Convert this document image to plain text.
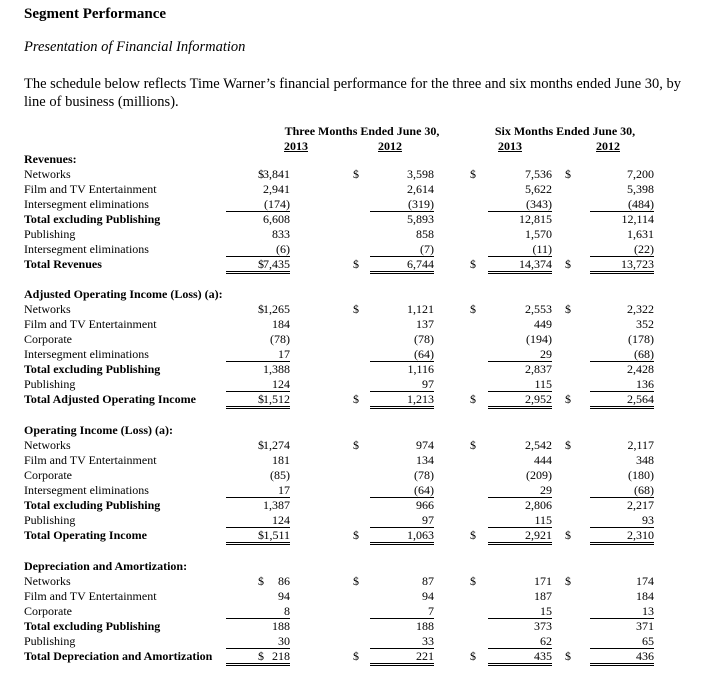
Segment Performance
Presentation of Financial Information
The schedule below reflects Time Warner’s financial performance for the three and six months ended June 30, by line of business (millions).
Three Months Ended June 30,	Six Months Ended June 30,
2013	2012	2013	2012
Revenues:
Networks	$ 3,841	$	3,598	$	7,536 $	7,200
Film and TV Entertainment	2,941	2,614	5,622	5,398
Intersegment eliminations	(174)	(319)	(343)	(484)
Total excluding Publishing	6,608	5,893	12,815	12,114
Publishing	833	858	1,570	1,631
Intersegment eliminations	(6)	(7)	(11)	(22)
Total Revenues	$ 7,435	$	6,744	$	14,374 $	13,723
Adjusted Operating Income (Loss) (a):
Networks	$ 1,265	$	1,121	$	2,553 $	2,322
Film and TV Entertainment	184	137	449	352
Corporate	(78)	(78)	(194)	(178)
Intersegment eliminations	17	(64)	29	(68)
Total excluding Publishing	1,388	1,116	2,837	2,428
Publishing	124	97	115	136
Total Adjusted Operating Income	$ 1,512	$	1,213	$	2,952 $	2,564
Operating Income (Loss) (a):
Networks	$ 1,274	$	974	$	2,542 $	2,117
Film and TV Entertainment	181	134	444	348
Corporate	(85)	(78)	(209)	(180)
Intersegment eliminations	17	(64)	29	(68)
Total excluding Publishing	1,387	966	2,806	2,217
Publishing	124	97	115	93
Total Operating Income	$ 1,511	$	1,063	$	2,921 $	2,310
Depreciation and Amortization:
Networks	$	86	$	87	$	171 $	174
Film and TV Entertainment	94	94	187	184
Corporate	8	7	15	13
Total excluding Publishing	188	188	373	371
Publishing	30	33	62	65
Total Depreciation and Amortization	$ 218	$	221	$	435 $	436
